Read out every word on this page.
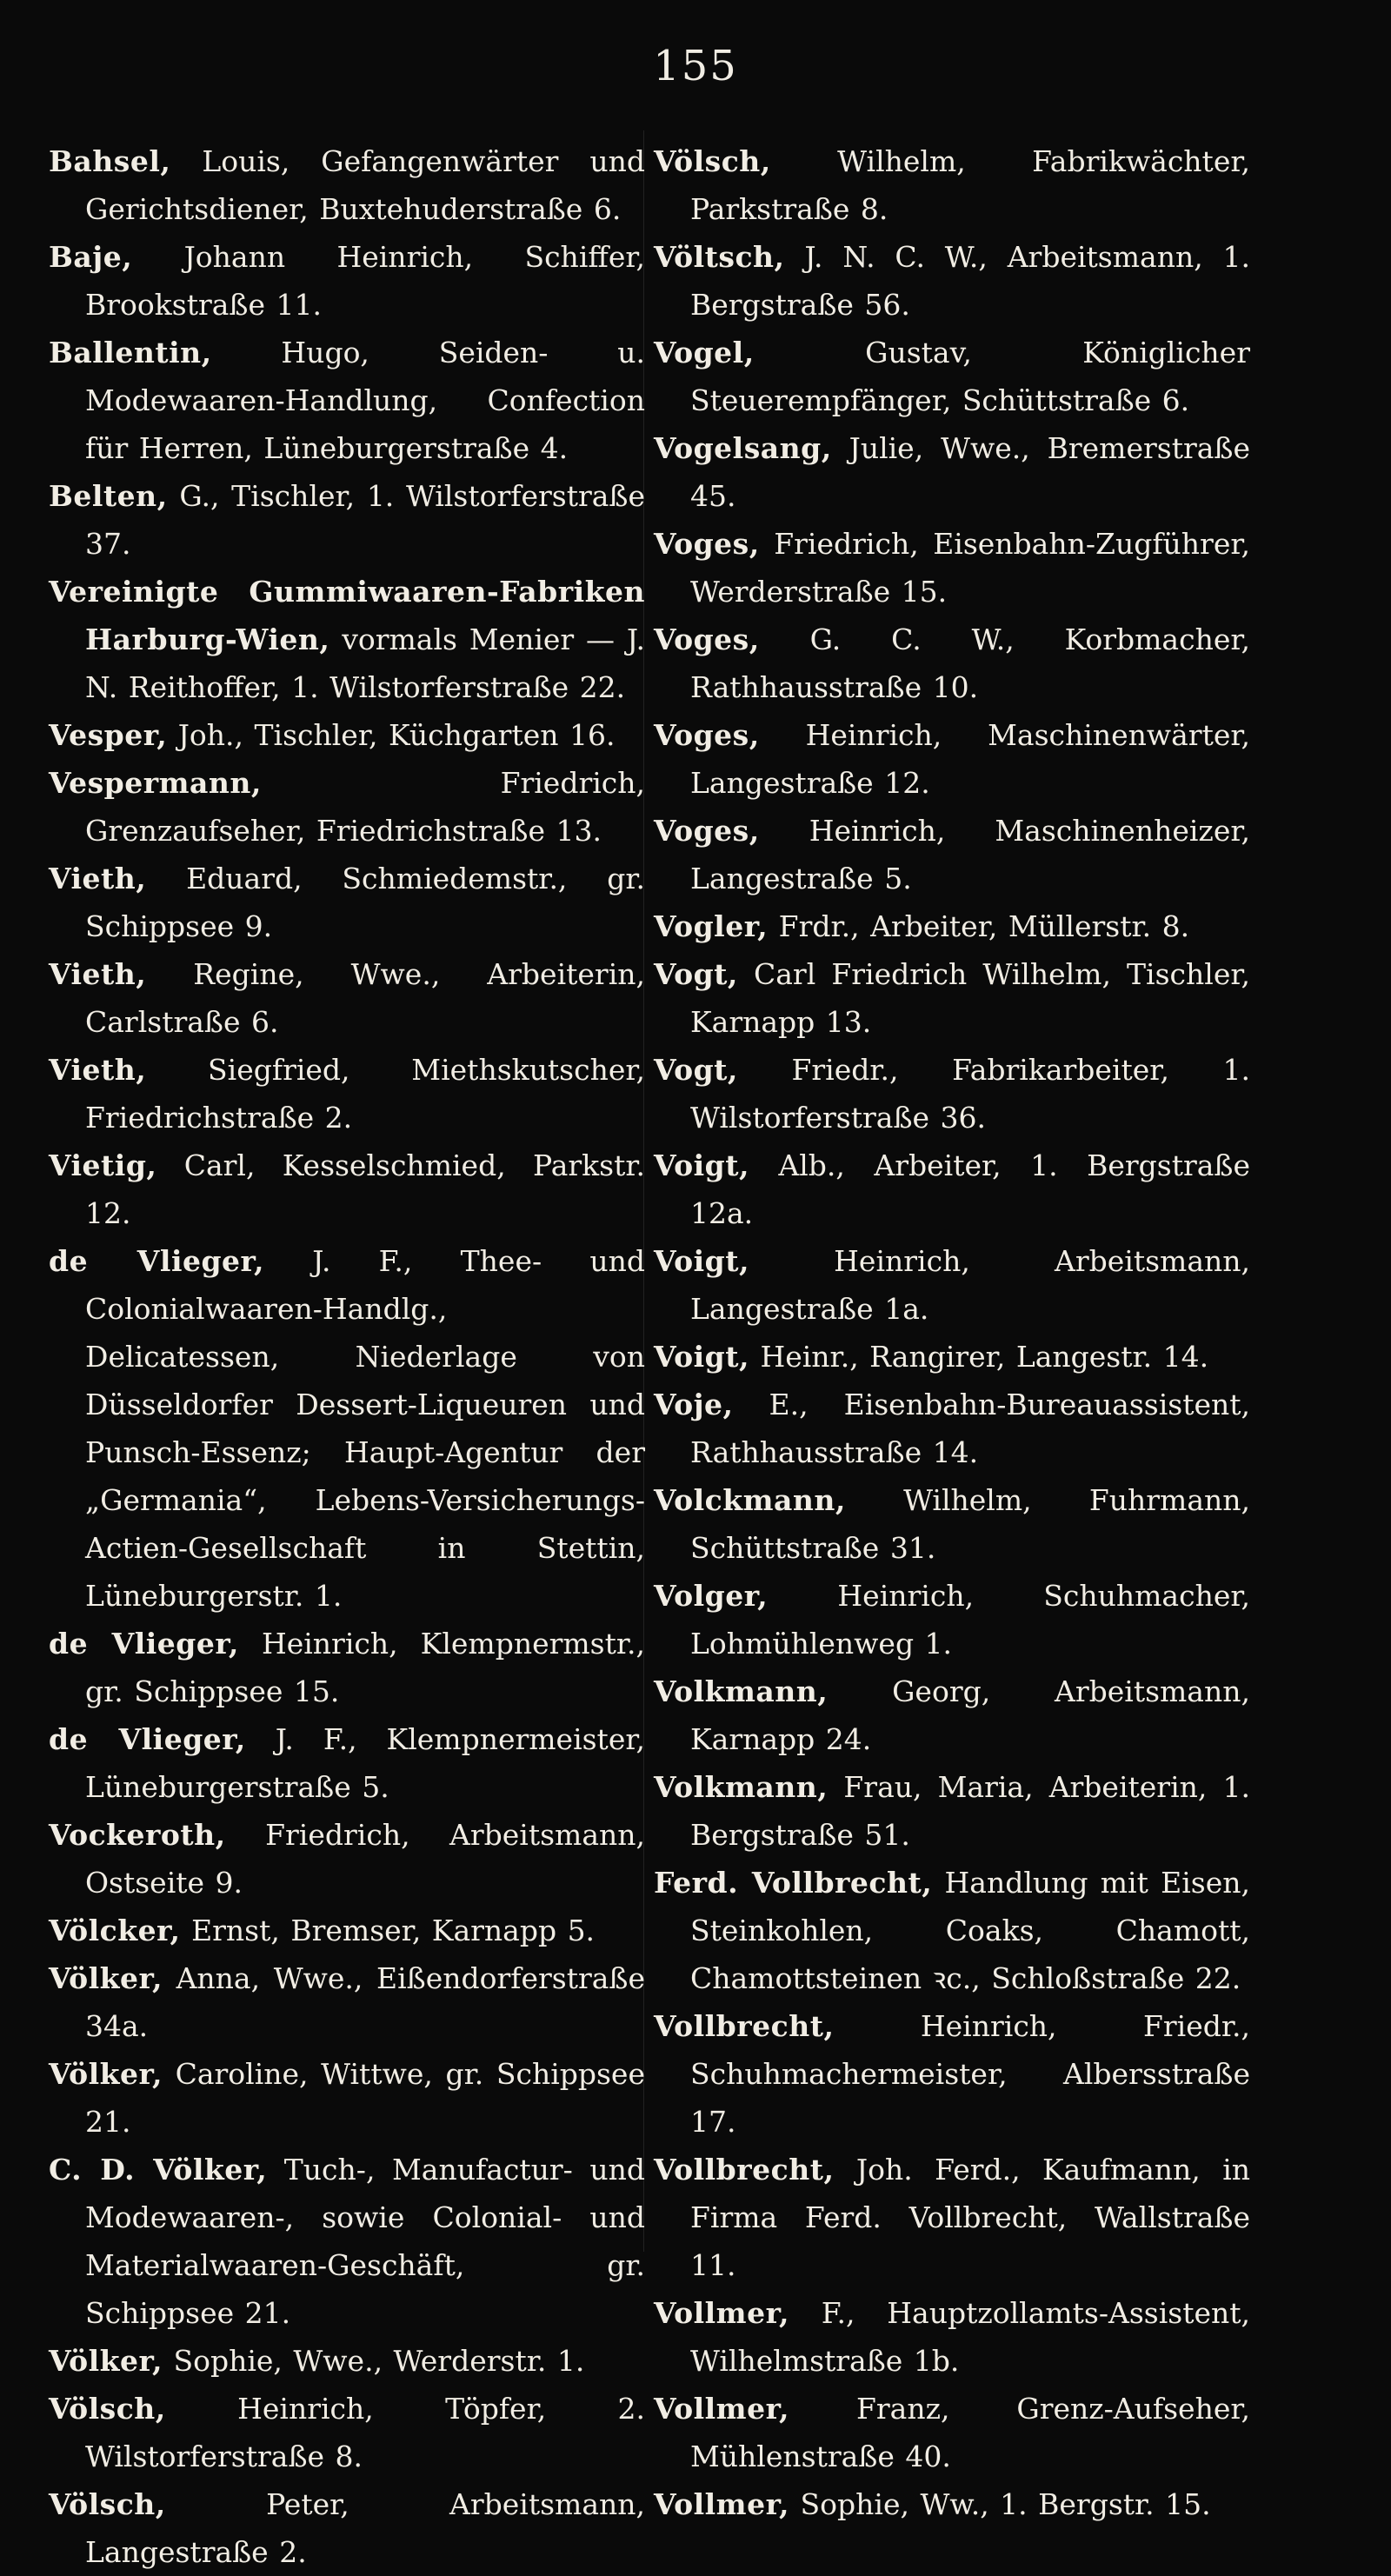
155

Bahsel, Louis, Gefangenwärter und Gerichtsdiener, Buxtehuderstraße 6.

Baje, Johann Heinrich, Schiffer, Brookstraße 11.

Ballentin, Hugo, Seiden- u. Modewaaren-Handlung, Confection für Herren, Lüneburgerstraße 4.

Belten, G., Tischler, 1. Wilstorferstraße 37.

Vereinigte Gummiwaaren-Fabriken Harburg-Wien, vormals Menier — J. N. Reithoffer, 1. Wilstorferstraße 22.

Vesper, Joh., Tischler, Küchgarten 16.

Vespermann,	Friedrich, Grenzaufseher, Friedrichstraße 13.

Vieth, Eduard, Schmiedemstr., gr. Schippsee 9.

Vieth, Regine, Wwe., Arbeiterin, Carlstraße 6.

Vieth, Siegfried, Miethskutscher, Friedrichstraße 2.

Vietig, Carl, Kesselschmied, Parkstr. 12.

de Vlieger, J. F., Thee- und Colonialwaaren-Handlg., Delicatessen, Niederlage von Düsseldorfer Dessert-Liqueuren und Punsch-Essenz; Haupt-Agentur der „Germania“, Lebens-Versicherungs-Actien-Gesellschaft in Stettin, Lüneburgerstr. 1.

de Vlieger, Heinrich, Klempnermstr., gr. Schippsee 15.

de Vlieger, J. F., Klempnermeister, Lüneburgerstraße 5.

Vockeroth, Friedrich, Arbeitsmann, Ostseite 9.

Völcker, Ernst, Bremser, Karnapp 5.

Völker, Anna, Wwe., Eißendorferstraße 34a.

Völker, Caroline, Wittwe, gr. Schippsee 21.

C. D. Völker, Tuch-, Manufactur- und Modewaaren-, sowie Colonial- und Materialwaaren-Geschäft, gr. Schippsee 21.

Völker, Sophie, Wwe., Werderstr. 1.

Völsch, Heinrich, Töpfer, 2. Wilstorferstraße 8.

Völsch,	Peter, Arbeitsmann, Langestraße 2.

Völsch, Wilhelm, Fabrikwächter, Parkstraße 8.

Völtsch, J. N. C. W., Arbeitsmann, 1. Bergstraße 56.

Vogel,	Gustav, Königlicher Steuerempfänger, Schüttstraße 6.

Vogelsang, Julie, Wwe., Bremerstraße 45.

Voges, Friedrich, Eisenbahn-Zugführer, Werderstraße 15.

Voges, G. C. W., Korbmacher, Rathhausstraße 10.

Voges, Heinrich, Maschinenwärter, Langestraße 12.

Voges, Heinrich, Maschinenheizer, Langestraße 5.

Vogler, Frdr., Arbeiter, Müllerstr. 8.

Vogt, Carl Friedrich Wilhelm, Tischler, Karnapp 13.

Vogt, Friedr., Fabrikarbeiter, 1. Wilstorferstraße 36.

Voigt, Alb., Arbeiter, 1. Bergstraße 12a.

Voigt,	Heinrich, Arbeitsmann, Langestraße 1a.

Voigt, Heinr., Rangirer, Langestr. 14.

Voje, E., Eisenbahn-Bureauassistent, Rathhausstraße 14.

Volckmann, Wilhelm, Fuhrmann, Schüttstraße 31.

Volger, Heinrich, Schuhmacher, Lohmühlenweg 1.

Volkmann, Georg, Arbeitsmann, Karnapp 24.

Volkmann, Frau, Maria, Arbeiterin, 1. Bergstraße 51.

Ferd. Vollbrecht, Handlung mit Eisen, Steinkohlen, Coaks, Chamott, Chamottsteinen ꝛc., Schloßstraße 22.

Vollbrecht,	Heinrich, Friedr., Schuhmachermeister, Albersstraße 17.

Vollbrecht, Joh. Ferd., Kaufmann, in Firma Ferd. Vollbrecht, Wallstraße 11.

Vollmer, F., Hauptzollamts-Assistent, Wilhelmstraße 1b.

Vollmer, Franz, Grenz-Aufseher, Mühlenstraße 40.

Vollmer, Sophie, Ww., 1. Bergstr. 15.
